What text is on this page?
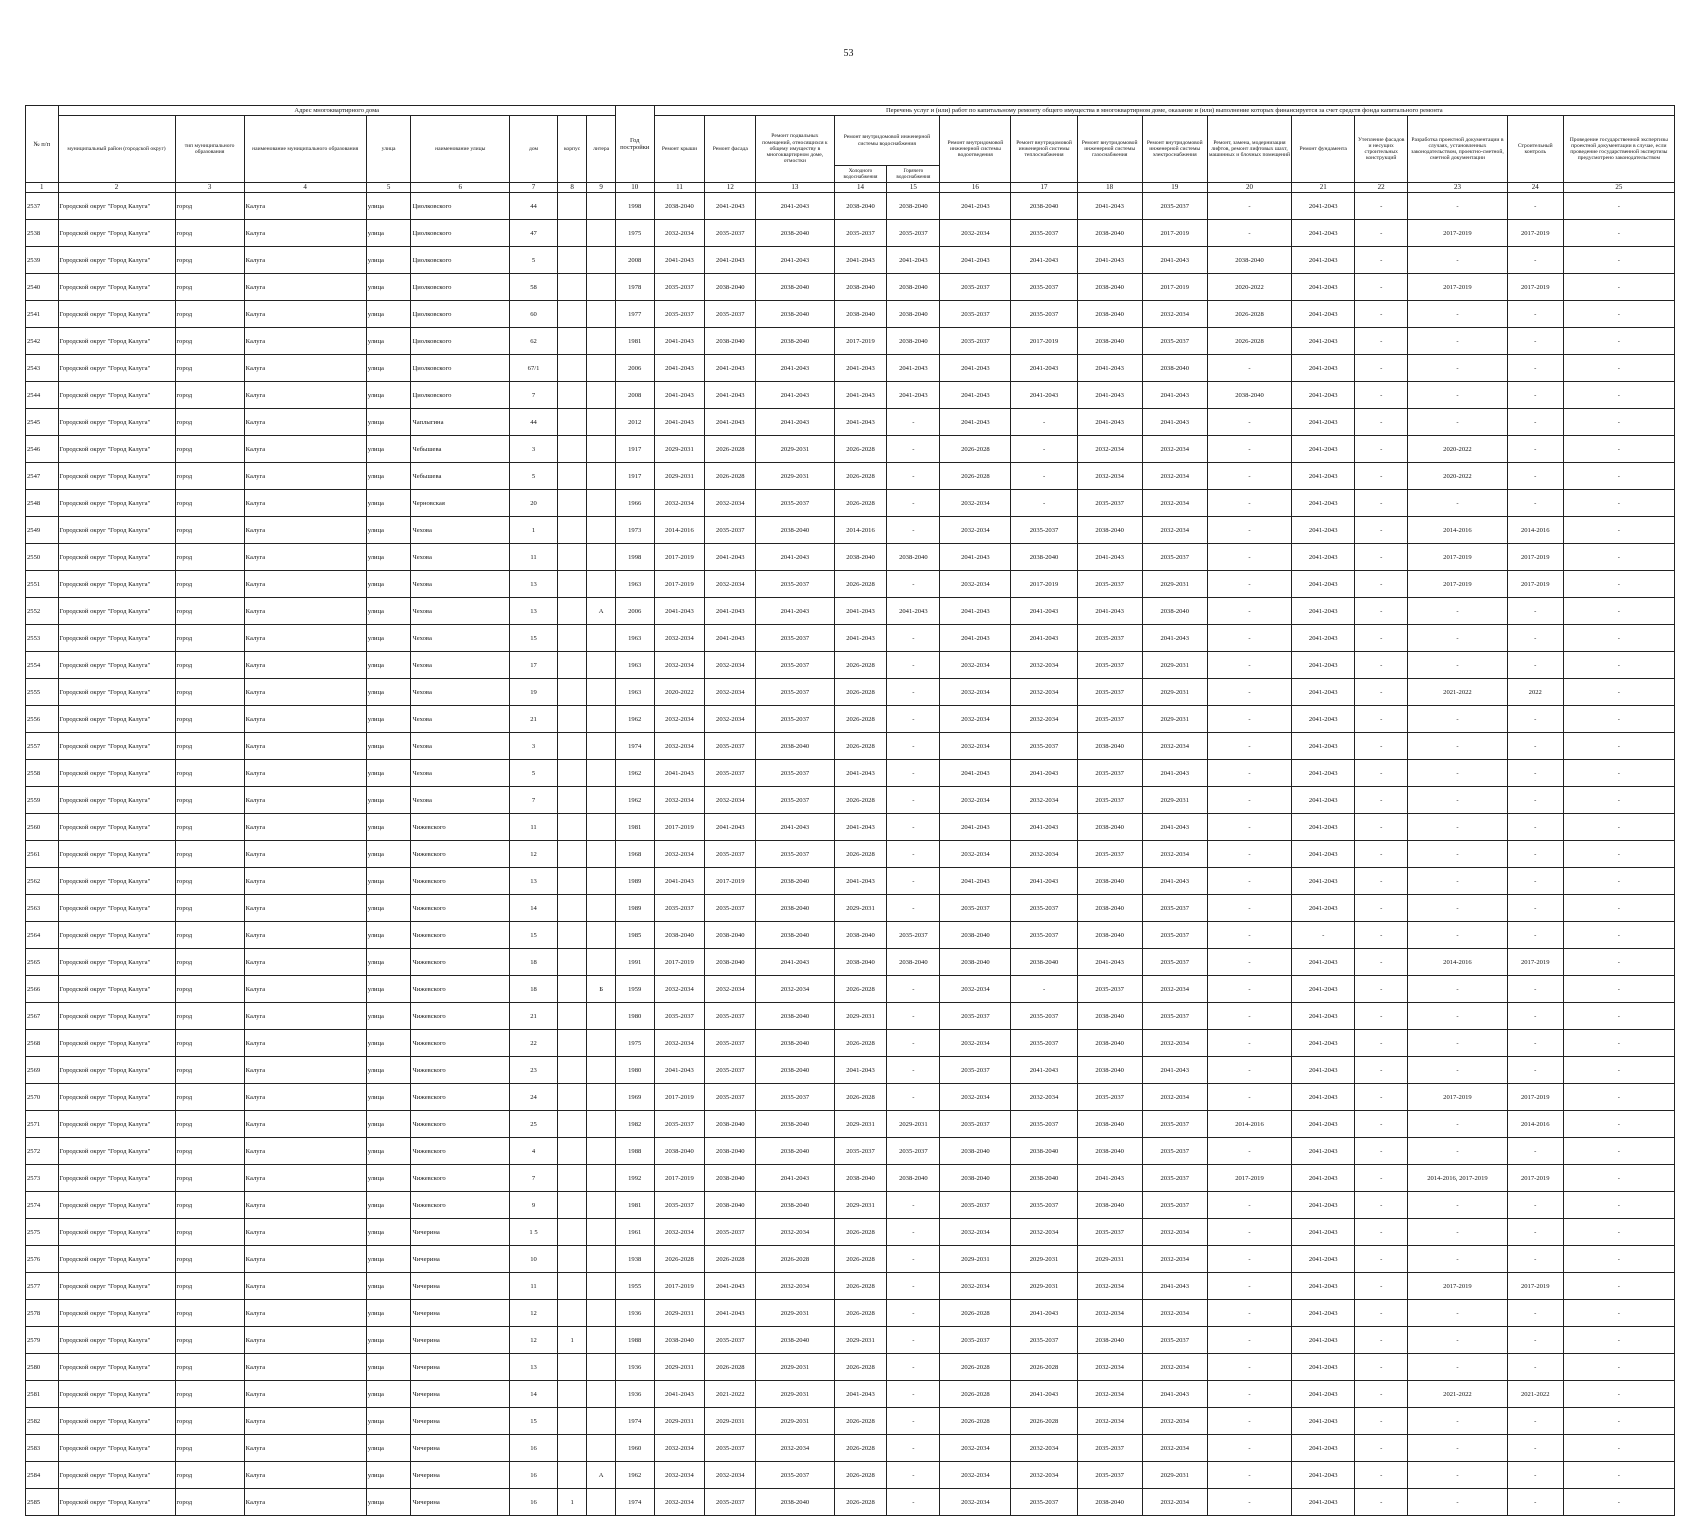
53
№ п/п	Адрес многоквартирного дома								Год постройки	Перечень услуг и (или) работ по капитальному ремонту общего имущества в многоквартирном доме, оказание и (или) выполнение которых финансируется за счет средств фонда капитального ремонта														
	муниципальный район (городской округ)	тип муниципального образования	наименование муниципального образования	улица	наименование улицы	дом	корпус	литера		Ремонт крыши	Ремонт фасада	Ремонт подвальных помещений, относящихся к общему имуществу в многоквартирном доме, отмостки	Ремонт внутридомовой инженерной системы водоснабжения		Ремонт внутридомовой инженерной системы водоотведения	Ремонт внутридомовой инженерной системы теплоснабжения	Ремонт внутридомовой инженерной системы газоснабжения	Ремонт внутридомовой инженерной системы электроснабжения	Ремонт, замена, модернизация лифтов, ремонт лифтовых шахт, машинных и блочных помещений	Ремонт фундамента	Утепление фасадов и несущих строительных конструкций	Разработка проектной документации в случаях, установленных законодательством, проектно-сметной, сметной документации	Строительный контроль	Проведение государственной экспертизы проектной документации в случае, если проведение государственной экспертизы предусмотрено законодательством
													Холодного водоснабжения	Горячего водоснабжения										
1	2	3	4	5	6	7	8	9	10	11	12	13	14	15	16	17	18	19	20	21	22	23	24	25
2537	Городской округ "Город Калуга"	город	Калуга	улица	Циолковского	44			1998	2038-2040	2041-2043	2041-2043	2038-2040	2038-2040	2041-2043	2038-2040	2041-2043	2035-2037	-	2041-2043	-	-	-	-
2538	Городской округ "Город Калуга"	город	Калуга	улица	Циолковского	47			1975	2032-2034	2035-2037	2038-2040	2035-2037	2035-2037	2032-2034	2035-2037	2038-2040	2017-2019	-	2041-2043	-	2017-2019	2017-2019	-
2539	Городской округ "Город Калуга"	город	Калуга	улица	Циолковского	5			2008	2041-2043	2041-2043	2041-2043	2041-2043	2041-2043	2041-2043	2041-2043	2041-2043	2041-2043	2038-2040	2041-2043	-	-	-	-
2540	Городской округ "Город Калуга"	город	Калуга	улица	Циолковского	58			1978	2035-2037	2038-2040	2038-2040	2038-2040	2038-2040	2035-2037	2035-2037	2038-2040	2017-2019	2020-2022	2041-2043	-	2017-2019	2017-2019	-
2541	Городской округ "Город Калуга"	город	Калуга	улица	Циолковского	60			1977	2035-2037	2035-2037	2038-2040	2038-2040	2038-2040	2035-2037	2035-2037	2038-2040	2032-2034	2026-2028	2041-2043	-	-	-	-
2542	Городской округ "Город Калуга"	город	Калуга	улица	Циолковского	62			1981	2041-2043	2038-2040	2038-2040	2017-2019	2038-2040	2035-2037	2017-2019	2038-2040	2035-2037	2026-2028	2041-2043	-	-	-	-
2543	Городской округ "Город Калуга"	город	Калуга	улица	Циолковского	67/1			2006	2041-2043	2041-2043	2041-2043	2041-2043	2041-2043	2041-2043	2041-2043	2041-2043	2038-2040	-	2041-2043	-	-	-	-
2544	Городской округ "Город Калуга"	город	Калуга	улица	Циолковского	7			2008	2041-2043	2041-2043	2041-2043	2041-2043	2041-2043	2041-2043	2041-2043	2041-2043	2041-2043	2038-2040	2041-2043	-	-	-	-
2545	Городской округ "Город Калуга"	город	Калуга	улица	Чаплыгина	44			2012	2041-2043	2041-2043	2041-2043	2041-2043	-	2041-2043	-	2041-2043	2041-2043	-	2041-2043	-	-	-	-
2546	Городской округ "Город Калуга"	город	Калуга	улица	Чебышева	3			1917	2029-2031	2026-2028	2029-2031	2026-2028	-	2026-2028	-	2032-2034	2032-2034	-	2041-2043	-	2020-2022	-	-
2547	Городской округ "Город Калуга"	город	Калуга	улица	Чебышева	5			1917	2029-2031	2026-2028	2029-2031	2026-2028	-	2026-2028	-	2032-2034	2032-2034	-	2041-2043	-	2020-2022	-	-
2548	Городской округ "Город Калуга"	город	Калуга	улица	Черновская	20			1966	2032-2034	2032-2034	2035-2037	2026-2028	-	2032-2034	-	2035-2037	2032-2034	-	2041-2043	-	-	-	-
2549	Городской округ "Город Калуга"	город	Калуга	улица	Чехова	1			1973	2014-2016	2035-2037	2038-2040	2014-2016	-	2032-2034	2035-2037	2038-2040	2032-2034	-	2041-2043	-	2014-2016	2014-2016	-
2550	Городской округ "Город Калуга"	город	Калуга	улица	Чехова	11			1998	2017-2019	2041-2043	2041-2043	2038-2040	2038-2040	2041-2043	2038-2040	2041-2043	2035-2037	-	2041-2043	-	2017-2019	2017-2019	-
2551	Городской округ "Город Калуга"	город	Калуга	улица	Чехова	13			1963	2017-2019	2032-2034	2035-2037	2026-2028	-	2032-2034	2017-2019	2035-2037	2029-2031	-	2041-2043	-	2017-2019	2017-2019	-
2552	Городской округ "Город Калуга"	город	Калуга	улица	Чехова	13		А	2006	2041-2043	2041-2043	2041-2043	2041-2043	2041-2043	2041-2043	2041-2043	2041-2043	2038-2040	-	2041-2043	-	-	-	-
2553	Городской округ "Город Калуга"	город	Калуга	улица	Чехова	15			1963	2032-2034	2041-2043	2035-2037	2041-2043	-	2041-2043	2041-2043	2035-2037	2041-2043	-	2041-2043	-	-	-	-
2554	Городской округ "Город Калуга"	город	Калуга	улица	Чехова	17			1963	2032-2034	2032-2034	2035-2037	2026-2028	-	2032-2034	2032-2034	2035-2037	2029-2031	-	2041-2043	-	-	-	-
2555	Городской округ "Город Калуга"	город	Калуга	улица	Чехова	19			1963	2020-2022	2032-2034	2035-2037	2026-2028	-	2032-2034	2032-2034	2035-2037	2029-2031	-	2041-2043	-	2021-2022	2022	-
2556	Городской округ "Город Калуга"	город	Калуга	улица	Чехова	21			1962	2032-2034	2032-2034	2035-2037	2026-2028	-	2032-2034	2032-2034	2035-2037	2029-2031	-	2041-2043	-	-	-	-
2557	Городской округ "Город Калуга"	город	Калуга	улица	Чехова	3			1974	2032-2034	2035-2037	2038-2040	2026-2028	-	2032-2034	2035-2037	2038-2040	2032-2034	-	2041-2043	-	-	-	-
2558	Городской округ "Город Калуга"	город	Калуга	улица	Чехова	5			1962	2041-2043	2035-2037	2035-2037	2041-2043	-	2041-2043	2041-2043	2035-2037	2041-2043	-	2041-2043	-	-	-	-
2559	Городской округ "Город Калуга"	город	Калуга	улица	Чехова	7			1962	2032-2034	2032-2034	2035-2037	2026-2028	-	2032-2034	2032-2034	2035-2037	2029-2031	-	2041-2043	-	-	-	-
2560	Городской округ "Город Калуга"	город	Калуга	улица	Чижевского	11			1981	2017-2019	2041-2043	2041-2043	2041-2043	-	2041-2043	2041-2043	2038-2040	2041-2043	-	2041-2043	-	-	-	-
2561	Городской округ "Город Калуга"	город	Калуга	улица	Чижевского	12			1968	2032-2034	2035-2037	2035-2037	2026-2028	-	2032-2034	2032-2034	2035-2037	2032-2034	-	2041-2043	-	-	-	-
2562	Городской округ "Город Калуга"	город	Калуга	улица	Чижевского	13			1989	2041-2043	2017-2019	2038-2040	2041-2043	-	2041-2043	2041-2043	2038-2040	2041-2043	-	2041-2043	-	-	-	-
2563	Городской округ "Город Калуга"	город	Калуга	улица	Чижевского	14			1989	2035-2037	2035-2037	2038-2040	2029-2031	-	2035-2037	2035-2037	2038-2040	2035-2037	-	2041-2043	-	-	-	-
2564	Городской округ "Город Калуга"	город	Калуга	улица	Чижевского	15			1985	2038-2040	2038-2040	2038-2040	2038-2040	2035-2037	2038-2040	2035-2037	2038-2040	2035-2037	-	-	-	-	-	-
2565	Городской округ "Город Калуга"	город	Калуга	улица	Чижевского	18			1991	2017-2019	2038-2040	2041-2043	2038-2040	2038-2040	2038-2040	2038-2040	2041-2043	2035-2037	-	2041-2043	-	2014-2016	2017-2019	-
2566	Городской округ "Город Калуга"	город	Калуга	улица	Чижевского	18		Б	1959	2032-2034	2032-2034	2032-2034	2026-2028	-	2032-2034	-	2035-2037	2032-2034	-	2041-2043	-	-	-	-
2567	Городской округ "Город Калуга"	город	Калуга	улица	Чижевского	21			1980	2035-2037	2035-2037	2038-2040	2029-2031	-	2035-2037	2035-2037	2038-2040	2035-2037	-	2041-2043	-	-	-	-
2568	Городской округ "Город Калуга"	город	Калуга	улица	Чижевского	22			1975	2032-2034	2035-2037	2038-2040	2026-2028	-	2032-2034	2035-2037	2038-2040	2032-2034	-	2041-2043	-	-	-	-
2569	Городской округ "Город Калуга"	город	Калуга	улица	Чижевского	23			1980	2041-2043	2035-2037	2038-2040	2041-2043	-	2035-2037	2041-2043	2038-2040	2041-2043	-	2041-2043	-	-	-	-
2570	Городской округ "Город Калуга"	город	Калуга	улица	Чижевского	24			1969	2017-2019	2035-2037	2035-2037	2026-2028	-	2032-2034	2032-2034	2035-2037	2032-2034	-	2041-2043	-	2017-2019	2017-2019	-
2571	Городской округ "Город Калуга"	город	Калуга	улица	Чижевского	25			1982	2035-2037	2038-2040	2038-2040	2029-2031	2029-2031	2035-2037	2035-2037	2038-2040	2035-2037	2014-2016	2041-2043	-	-	2014-2016	-
2572	Городской округ "Город Калуга"	город	Калуга	улица	Чижевского	4			1988	2038-2040	2038-2040	2038-2040	2035-2037	2035-2037	2038-2040	2038-2040	2038-2040	2035-2037	-	2041-2043	-	-	-	-
2573	Городской округ "Город Калуга"	город	Калуга	улица	Чижевского	7			1992	2017-2019	2038-2040	2041-2043	2038-2040	2038-2040	2038-2040	2038-2040	2041-2043	2035-2037	2017-2019	2041-2043	-	2014-2016, 2017-2019	2017-2019	-
2574	Городской округ "Город Калуга"	город	Калуга	улица	Чижевского	9			1981	2035-2037	2038-2040	2038-2040	2029-2031	-	2035-2037	2035-2037	2038-2040	2035-2037	-	2041-2043	-	-	-	-
2575	Городской округ "Город Калуга"	город	Калуга	улица	Чичерина	1 5			1961	2032-2034	2035-2037	2032-2034	2026-2028	-	2032-2034	2032-2034	2035-2037	2032-2034	-	2041-2043	-	-	-	-
2576	Городской округ "Город Калуга"	город	Калуга	улица	Чичерина	10			1938	2026-2028	2026-2028	2026-2028	2026-2028	-	2029-2031	2029-2031	2029-2031	2032-2034	-	2041-2043	-	-	-	-
2577	Городской округ "Город Калуга"	город	Калуга	улица	Чичерина	11			1955	2017-2019	2041-2043	2032-2034	2026-2028	-	2032-2034	2029-2031	2032-2034	2041-2043	-	2041-2043	-	2017-2019	2017-2019	-
2578	Городской округ "Город Калуга"	город	Калуга	улица	Чичерина	12			1936	2029-2031	2041-2043	2029-2031	2026-2028	-	2026-2028	2041-2043	2032-2034	2032-2034	-	2041-2043	-	-	-	-
2579	Городской округ "Город Калуга"	город	Калуга	улица	Чичерина	12	1		1988	2038-2040	2035-2037	2038-2040	2029-2031	-	2035-2037	2035-2037	2038-2040	2035-2037	-	2041-2043	-	-	-	-
2580	Городской округ "Город Калуга"	город	Калуга	улица	Чичерина	13			1936	2029-2031	2026-2028	2029-2031	2026-2028	-	2026-2028	2026-2028	2032-2034	2032-2034	-	2041-2043	-	-	-	-
2581	Городской округ "Город Калуга"	город	Калуга	улица	Чичерина	14			1936	2041-2043	2021-2022	2029-2031	2041-2043	-	2026-2028	2041-2043	2032-2034	2041-2043	-	2041-2043	-	2021-2022	2021-2022	-
2582	Городской округ "Город Калуга"	город	Калуга	улица	Чичерина	15			1974	2029-2031	2029-2031	2029-2031	2026-2028	-	2026-2028	2026-2028	2032-2034	2032-2034	-	2041-2043	-	-	-	-
2583	Городской округ "Город Калуга"	город	Калуга	улица	Чичерина	16			1960	2032-2034	2035-2037	2032-2034	2026-2028	-	2032-2034	2032-2034	2035-2037	2032-2034	-	2041-2043	-	-	-	-
2584	Городской округ "Город Калуга"	город	Калуга	улица	Чичерина	16		А	1962	2032-2034	2032-2034	2035-2037	2026-2028	-	2032-2034	2032-2034	2035-2037	2029-2031	-	2041-2043	-	-	-	-
2585	Городской округ "Город Калуга"	город	Калуга	улица	Чичерина	16	1		1974	2032-2034	2035-2037	2038-2040	2026-2028	-	2032-2034	2035-2037	2038-2040	2032-2034	-	2041-2043	-	-	-	-
